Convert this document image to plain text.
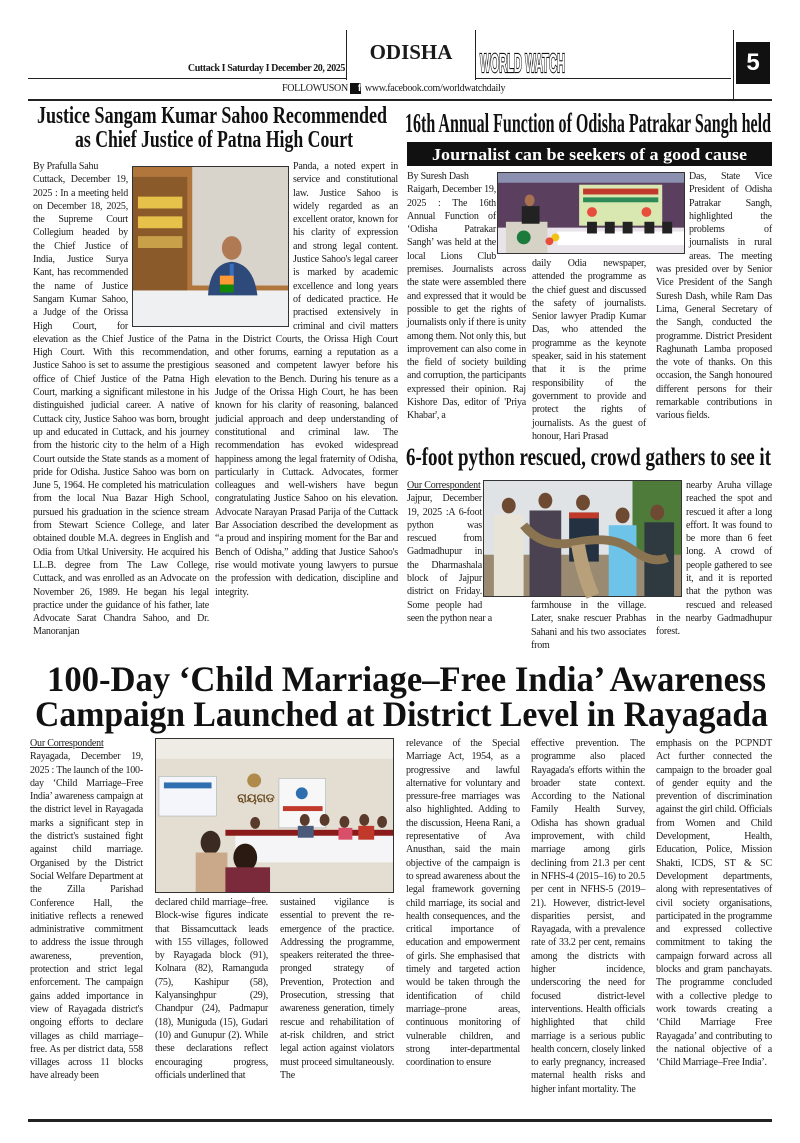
ODISHA
Cuttack I Saturday I December 20, 2025	WORLD WATCH	5
FOLLOWUSON f www.facebook.com/worldwatchdaily
Justice Sangam Kumar Sahoo Recommended
as Chief Justice of Patna High Court
By Prafulla Sahu

Cuttack, December 19, 2025 : In a meeting held on December 18, 2025, the Supreme Court Collegium headed by the Chief Justice of India, Justice Surya Kant, has recommended the name of Justice Sangam Kumar Sahoo, a Judge of the Orissa High Court, for elevation as the Chief Justice of the Patna High Court. With this recommendation, Justice Sahoo is set to assume the prestigious office of Chief Justice of the Patna High Court, marking a significant milestone in his distinguished judicial career. A native of Cuttack city, Justice Sahoo was born, brought up and educated in Cuttack, and his journey from the historic city to the helm of a High Court outside the State stands as a moment of pride for Odisha. Justice Sahoo was born on June 5, 1964. He completed his matriculation from the local Nua Bazar High School, pursued his graduation in the science stream from Stewart Science College, and later obtained double M.A. degrees in English and Odia from Utkal University. He acquired his LL.B. degree from The Law College, Cuttack, and was enrolled as an Advocate on November 26, 1989. He began his legal practice under the guidance of his father, late Advocate Sarat Chandra Sahoo, and Dr. Manoranjan

Panda, a noted expert in service and constitutional law. Justice Sahoo is widely regarded as an excellent orator, known for his clarity of expression and strong legal content. Justice Sahoo's legal career is marked by academic excellence and long years of dedicated practice. He practised extensively in criminal and civil matters in the District Courts, the Orissa High Court and other forums, earning a reputation as a seasoned and competent lawyer before his elevation to the Bench. During his tenure as a Judge of the Orissa High Court, he has been known for his clarity of reasoning, balanced judicial approach and deep understanding of constitutional and criminal law. The recommendation has evoked widespread happiness among the legal fraternity of Odisha, particularly in Cuttack. Advocates, former colleagues and well-wishers have begun congratulating Justice Sahoo on his elevation. Advocate Narayan Prasad Parija of the Cuttack Bar Association described the development as “a proud and inspiring moment for the Bar and Bench of Odisha,” adding that Justice Sahoo's rise would motivate young lawyers to pursue the profession with dedication, discipline and integrity.

16th Annual Function of Odisha Patrakar Sangh held
Journalist can be seekers of a good cause
By Suresh Dash

Raigarh, December 19, 2025 : The 16th Annual Function of ‘Odisha Patrakar Sangh’ was held at the local Lions Club premises. Journalists across the state were assembled there and expressed that it would be possible to get the rights of journalists only if there is unity among them. Not only this, but improvement can also come in the field of society building and corruption, the participants expressed their opinion. Raj Kishore Das, editor of 'Priya Khabar', a

daily Odia newspaper, attended the programme as the chief guest and discussed the safety of journalists. Senior lawyer Pradip Kumar Das, who attended the programme as the keynote speaker, said in his statement that it is the prime responsibility of the government to provide and protect the rights of journalists. As the guest of honour, Hari Prasad

Das, State Vice President of Odisha Patrakar Sangh, highlighted the problems of journalists in rural areas. The meeting was presided over by Senior Vice President of the Sangh Suresh Dash, while Ram Das Lima, General Secretary of the Sangh, conducted the programme. District President Raghunath Lamba proposed the vote of thanks. On this occasion, the Sangh honoured different persons for their remarkable contributions in various fields.

6-foot python rescued, crowd gathers to see it
Our Correspondent

Jajpur, December 19, 2025 :A 6-foot python was rescued from Gadmadhupur in the Dharmashala block of Jajpur district on Friday. Some people had seen the python near a

farmhouse in the village. Later, snake rescuer Prabhas Sahani and his two associates from

nearby Aruha village reached the spot and rescued it after a long effort. It was found to be more than 6 feet long. A crowd of people gathered to see it, and it is reported that the python was rescued and released in the nearby Gadmadhupur forest.

100-Day ‘Child Marriage–Free India’ Awareness
Campaign Launched at District Level in Rayagada
ରାୟଗଡ
Our Correspondent

Rayagada, December 19, 2025 : The launch of the 100-day ‘Child Marriage–Free India’ awareness campaign at the district level in Rayagada marks a significant step in the district's sustained fight against child marriage. Organised by the District Social Welfare Department at the Zilla Parishad Conference Hall, the initiative reflects a renewed administrative commitment to address the issue through awareness, prevention, protection and strict legal enforcement. The campaign gains added importance in view of Rayagada district's ongoing efforts to declare villages as child marriage–free. As per district data, 558 villages across 11 blocks have already been

declared child marriage–free. Block-wise figures indicate that Bissamcuttack leads with 155 villages, followed by Rayagada block (91), Kolnara (82), Ramanguda (75), Kashipur (58), Kalyansinghpur (29), Chandpur (24), Padmapur (18), Muniguda (15), Gudari (10) and Gunupur (2). While these declarations reflect encouraging progress, officials underlined that

sustained vigilance is essential to prevent the re-emergence of the practice. Addressing the programme, speakers reiterated the three-pronged strategy of Prevention, Protection and Prosecution, stressing that awareness generation, timely rescue and rehabilitation of at-risk children, and strict legal action against violators must proceed simultaneously. The

relevance of the Special Marriage Act, 1954, as a progressive and lawful alternative for voluntary and pressure-free marriages was also highlighted. Adding to the discussion, Heena Rani, a representative of Ava Anusthan, said the main objective of the campaign is to spread awareness about the legal framework governing child marriage, its social and health consequences, and the critical importance of education and empowerment of girls. She emphasised that timely and targeted action would be taken through the identification of child marriage–prone areas, continuous monitoring of vulnerable children, and strong inter-departmental coordination to ensure

effective prevention. The programme also placed Rayagada's efforts within the broader state context. According to the National Family Health Survey, Odisha has shown gradual improvement, with child marriage among girls declining from 21.3 per cent in NFHS-4 (2015–16) to 20.5 per cent in NFHS-5 (2019–21). However, district-level disparities persist, and Rayagada, with a prevalence rate of 33.2 per cent, remains among the districts with higher incidence, underscoring the need for focused district-level interventions. Health officials highlighted that child marriage is a serious public health concern, closely linked to early pregnancy, increased maternal health risks and higher infant mortality. The

emphasis on the PCPNDT Act further connected the campaign to the broader goal of gender equity and the prevention of discrimination against the girl child. Officials from Women and Child Development, Health, Education, Police, Mission Shakti, ICDS, ST & SC Development departments, along with representatives of civil society organisations, participated in the programme and expressed collective commitment to taking the campaign forward across all blocks and gram panchayats. The programme concluded with a collective pledge to work towards creating a ‘Child Marriage Free Rayagada’ and contributing to the national objective of a ‘Child Marriage–Free India’.
